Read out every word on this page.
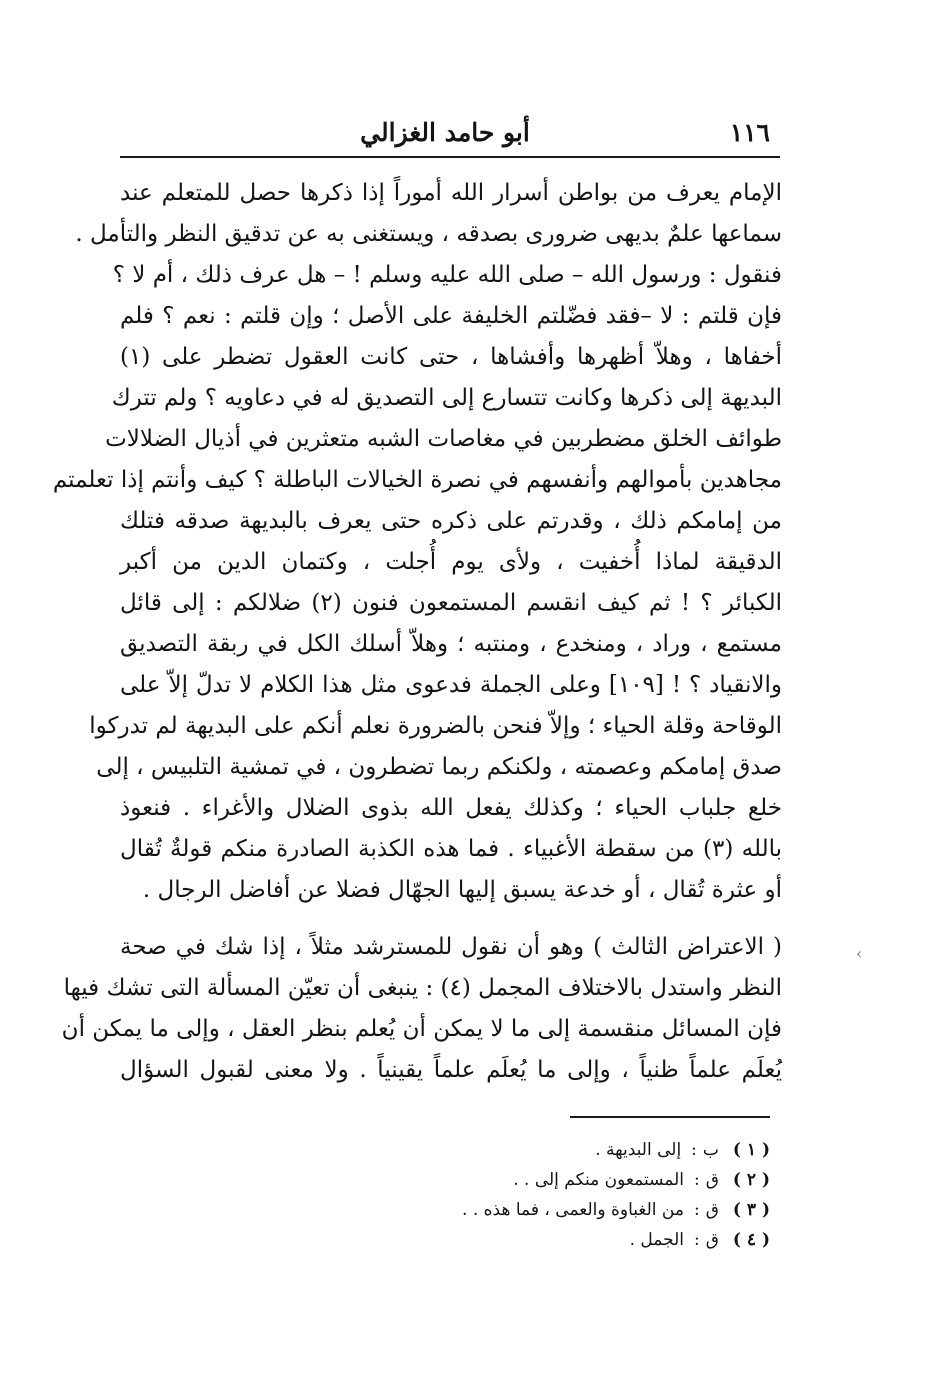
١١٦
أبو حامد الغزالي
الإمام يعرف من بواطن أسرار الله أموراً إذا ذكرها حصل للمتعلم عند
سماعها علمٌ بديهى ضرورى بصدقه ، ويستغنى به عن تدقيق النظر والتأمل .
فنقول : ورسول الله – صلى الله عليه وسلم ! – هل عرف ذلك ، أم لا ؟
فإن قلتم : لا –فقد فضّلتم الخليفة على الأصل ؛ وإن قلتم : نعم ؟ فلم
أخفاها ، وهلاّ أظهرها وأفشاها ، حتى كانت العقول تضطر على (١)
البديهة إلى ذكرها وكانت تتسارع إلى التصديق له في دعاويه ؟ ولم تترك
طوائف الخلق مضطربين في مغاصات الشبه متعثرين في أذيال الضلالات
مجاهدين بأموالهم وأنفسهم في نصرة الخيالات الباطلة ؟ كيف وأنتم إذا تعلمتم
من إمامكم ذلك ، وقدرتم على ذكره حتى يعرف بالبديهة صدقه فتلك
الدقيقة لماذا أُخفيت ، ولأى يوم أُجلت ، وكتمان الدين من أكبر
الكبائر ؟ ! ثم كيف انقسم المستمعون فنون (٢) ضلالكم : إلى قائل
مستمع ، وراد ، ومنخدع ، ومنتبه ؛ وهلاّ أسلك الكل في ربقة التصديق
والانقياد ؟ ! [١٠٩] وعلى الجملة فدعوى مثل هذا الكلام لا تدلّ إلاّ على
الوقاحة وقلة الحياء ؛ وإلاّ فنحن بالضرورة نعلم أنكم على البديهة لم تدركوا
صدق إمامكم وعصمته ، ولكنكم ربما تضطرون ، في تمشية التلبيس ، إلى
خلع جلباب الحياء ؛ وكذلك يفعل الله بذوى الضلال والأغراء . فنعوذ
بالله (٣) من سقطة الأغبياء . فما هذه الكذبة الصادرة منكم قولةٌ تُقال
أو عثرة تُقال ، أو خدعة يسبق إليها الجهّال فضلا عن أفاضل الرجال .
( الاعتراض الثالث ) وهو أن نقول للمسترشد مثلاً ، إذا شك في صحة
النظر واستدل بالاختلاف المجمل (٤) : ينبغى أن تعيّن المسألة التى تشك فيها
فإن المسائل منقسمة إلى ما لا يمكن أن يُعلم بنظر العقل ، وإلى ما يمكن أن
يُعلَم علماً ظنياً ، وإلى ما يُعلَم علماً يقينياً . ولا معنى لقبول السؤال
( ١ )ب:إلى البديهة .
( ٢ )ق:المستمعون منكم إلى . .
( ٣ )ق:من الغباوة والعمى ، فما هذه . .
( ٤ )ق:الجمل .
‹
